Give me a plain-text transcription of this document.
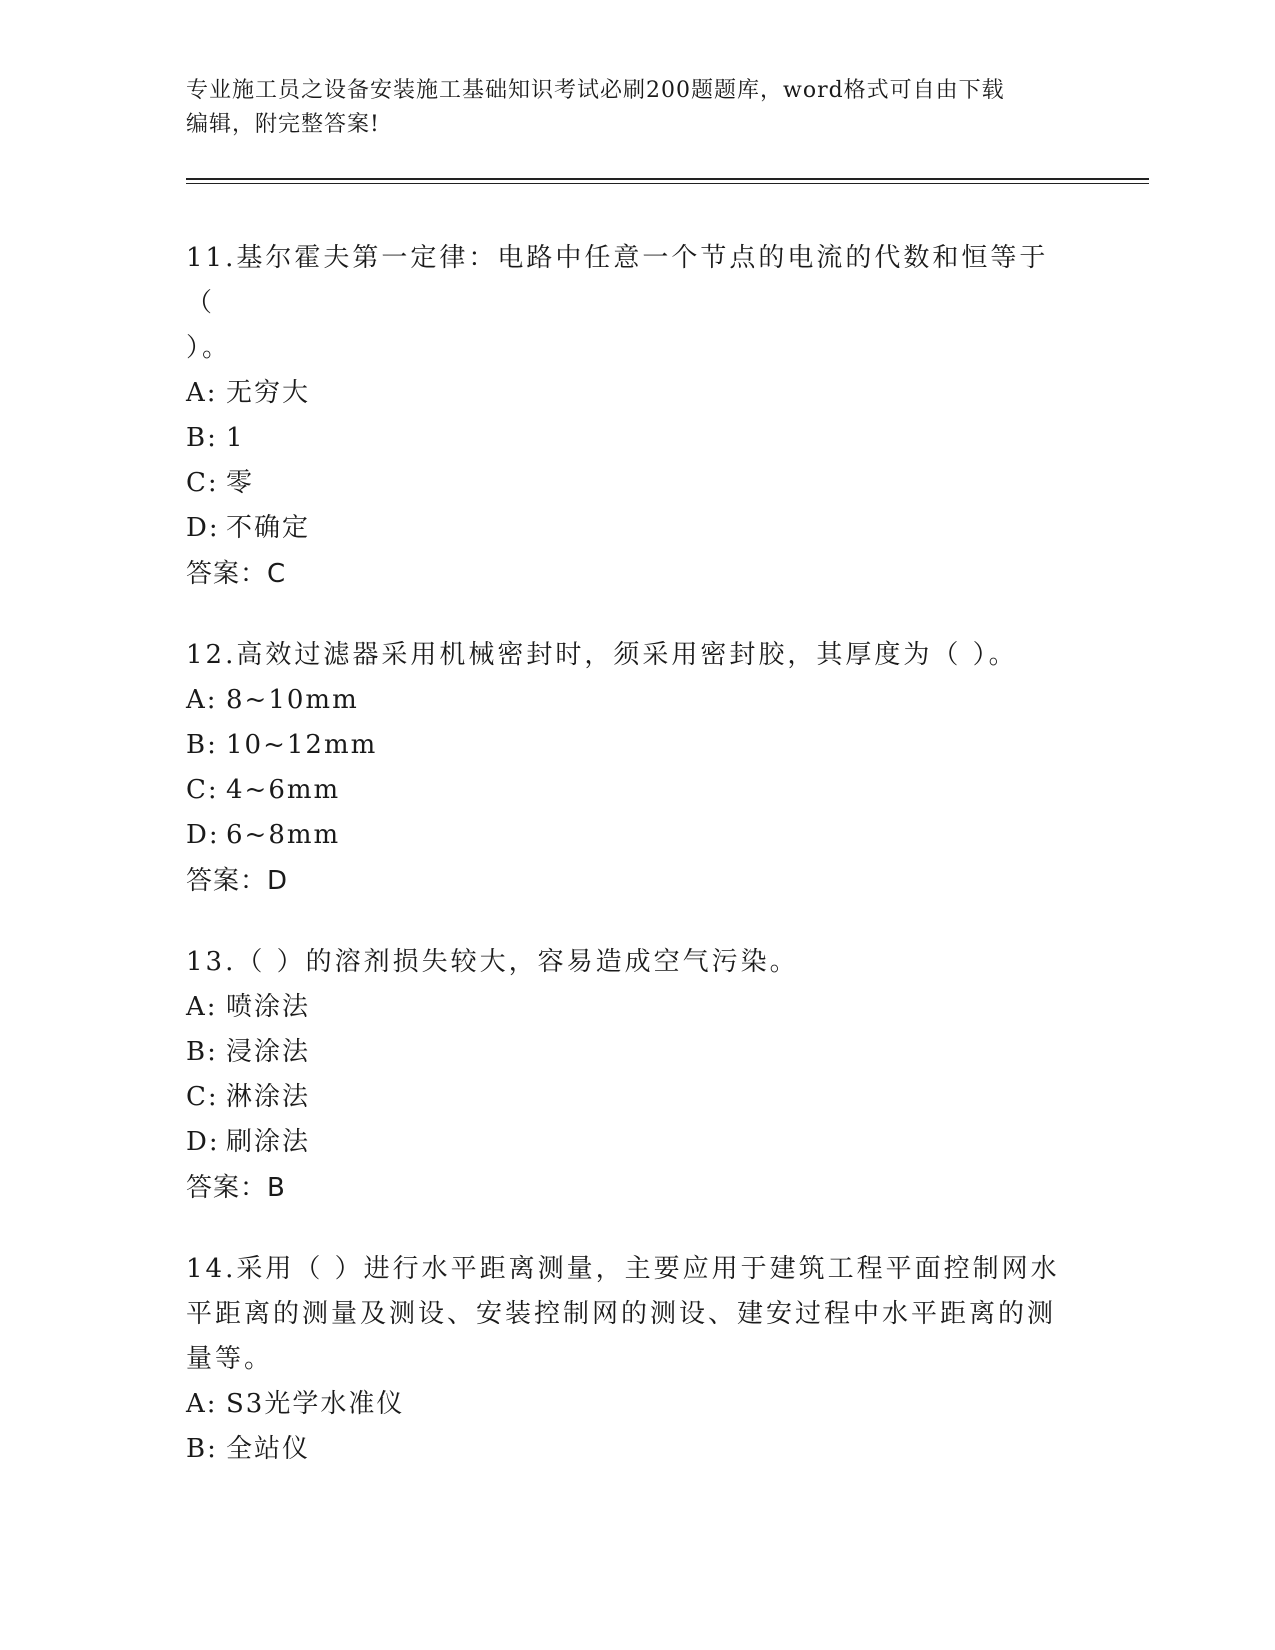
专业施工员之设备安装施工基础知识考试必刷200题题库，word格式可自由下载
编辑，附完整答案!
11.基尔霍夫第一定律：电路中任意一个节点的电流的代数和恒等于（
）。
A: 无穷大
B: 1
C: 零
D: 不确定
答案：C
12.高效过滤器采用机械密封时，须采用密封胶，其厚度为（ ）。
A: 8~10mm
B: 10~12mm
C: 4~6mm
D: 6~8mm
答案：D
13.（ ）的溶剂损失较大，容易造成空气污染。
A: 喷涂法
B: 浸涂法
C: 淋涂法
D: 刷涂法
答案：B
14.采用（ ）进行水平距离测量，主要应用于建筑工程平面控制网水
平距离的测量及测设、安装控制网的测设、建安过程中水平距离的测
量等。
A: S3光学水准仪
B: 全站仪
